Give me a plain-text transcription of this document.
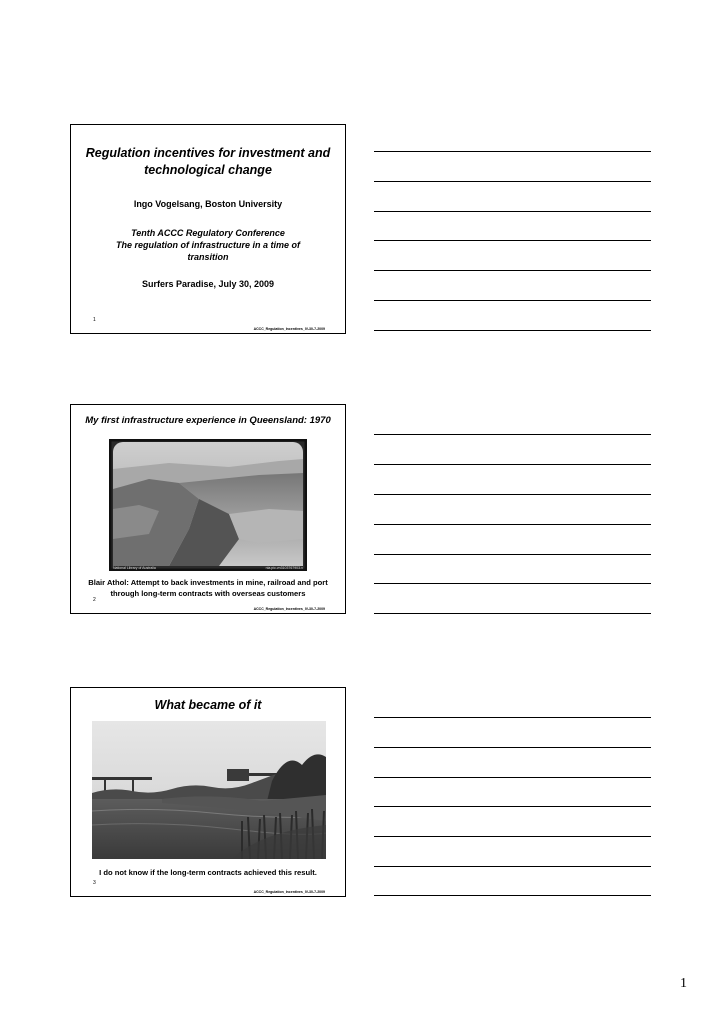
Regulation incentives for investment and technological change
Ingo Vogelsang, Boston University
Tenth ACCC Regulatory Conference
The regulation of infrastructure in a time of transition
Surfers Paradise, July 30, 2009
1
ACCC_Regulation_Incentives_IV-30-7-2009
My first infrastructure experience in Queensland: 1970
National Library of Australia	nla.pic-vn3103767903-v
Blair Athol: Attempt to back investments in mine, railroad and port through long-term contracts with overseas customers
2
ACCC_Regulation_Incentives_IV-30-7-2009
What became of it
I do not know if the long-term contracts achieved this result.
3
ACCC_Regulation_Incentives_IV-30-7-2009
1
